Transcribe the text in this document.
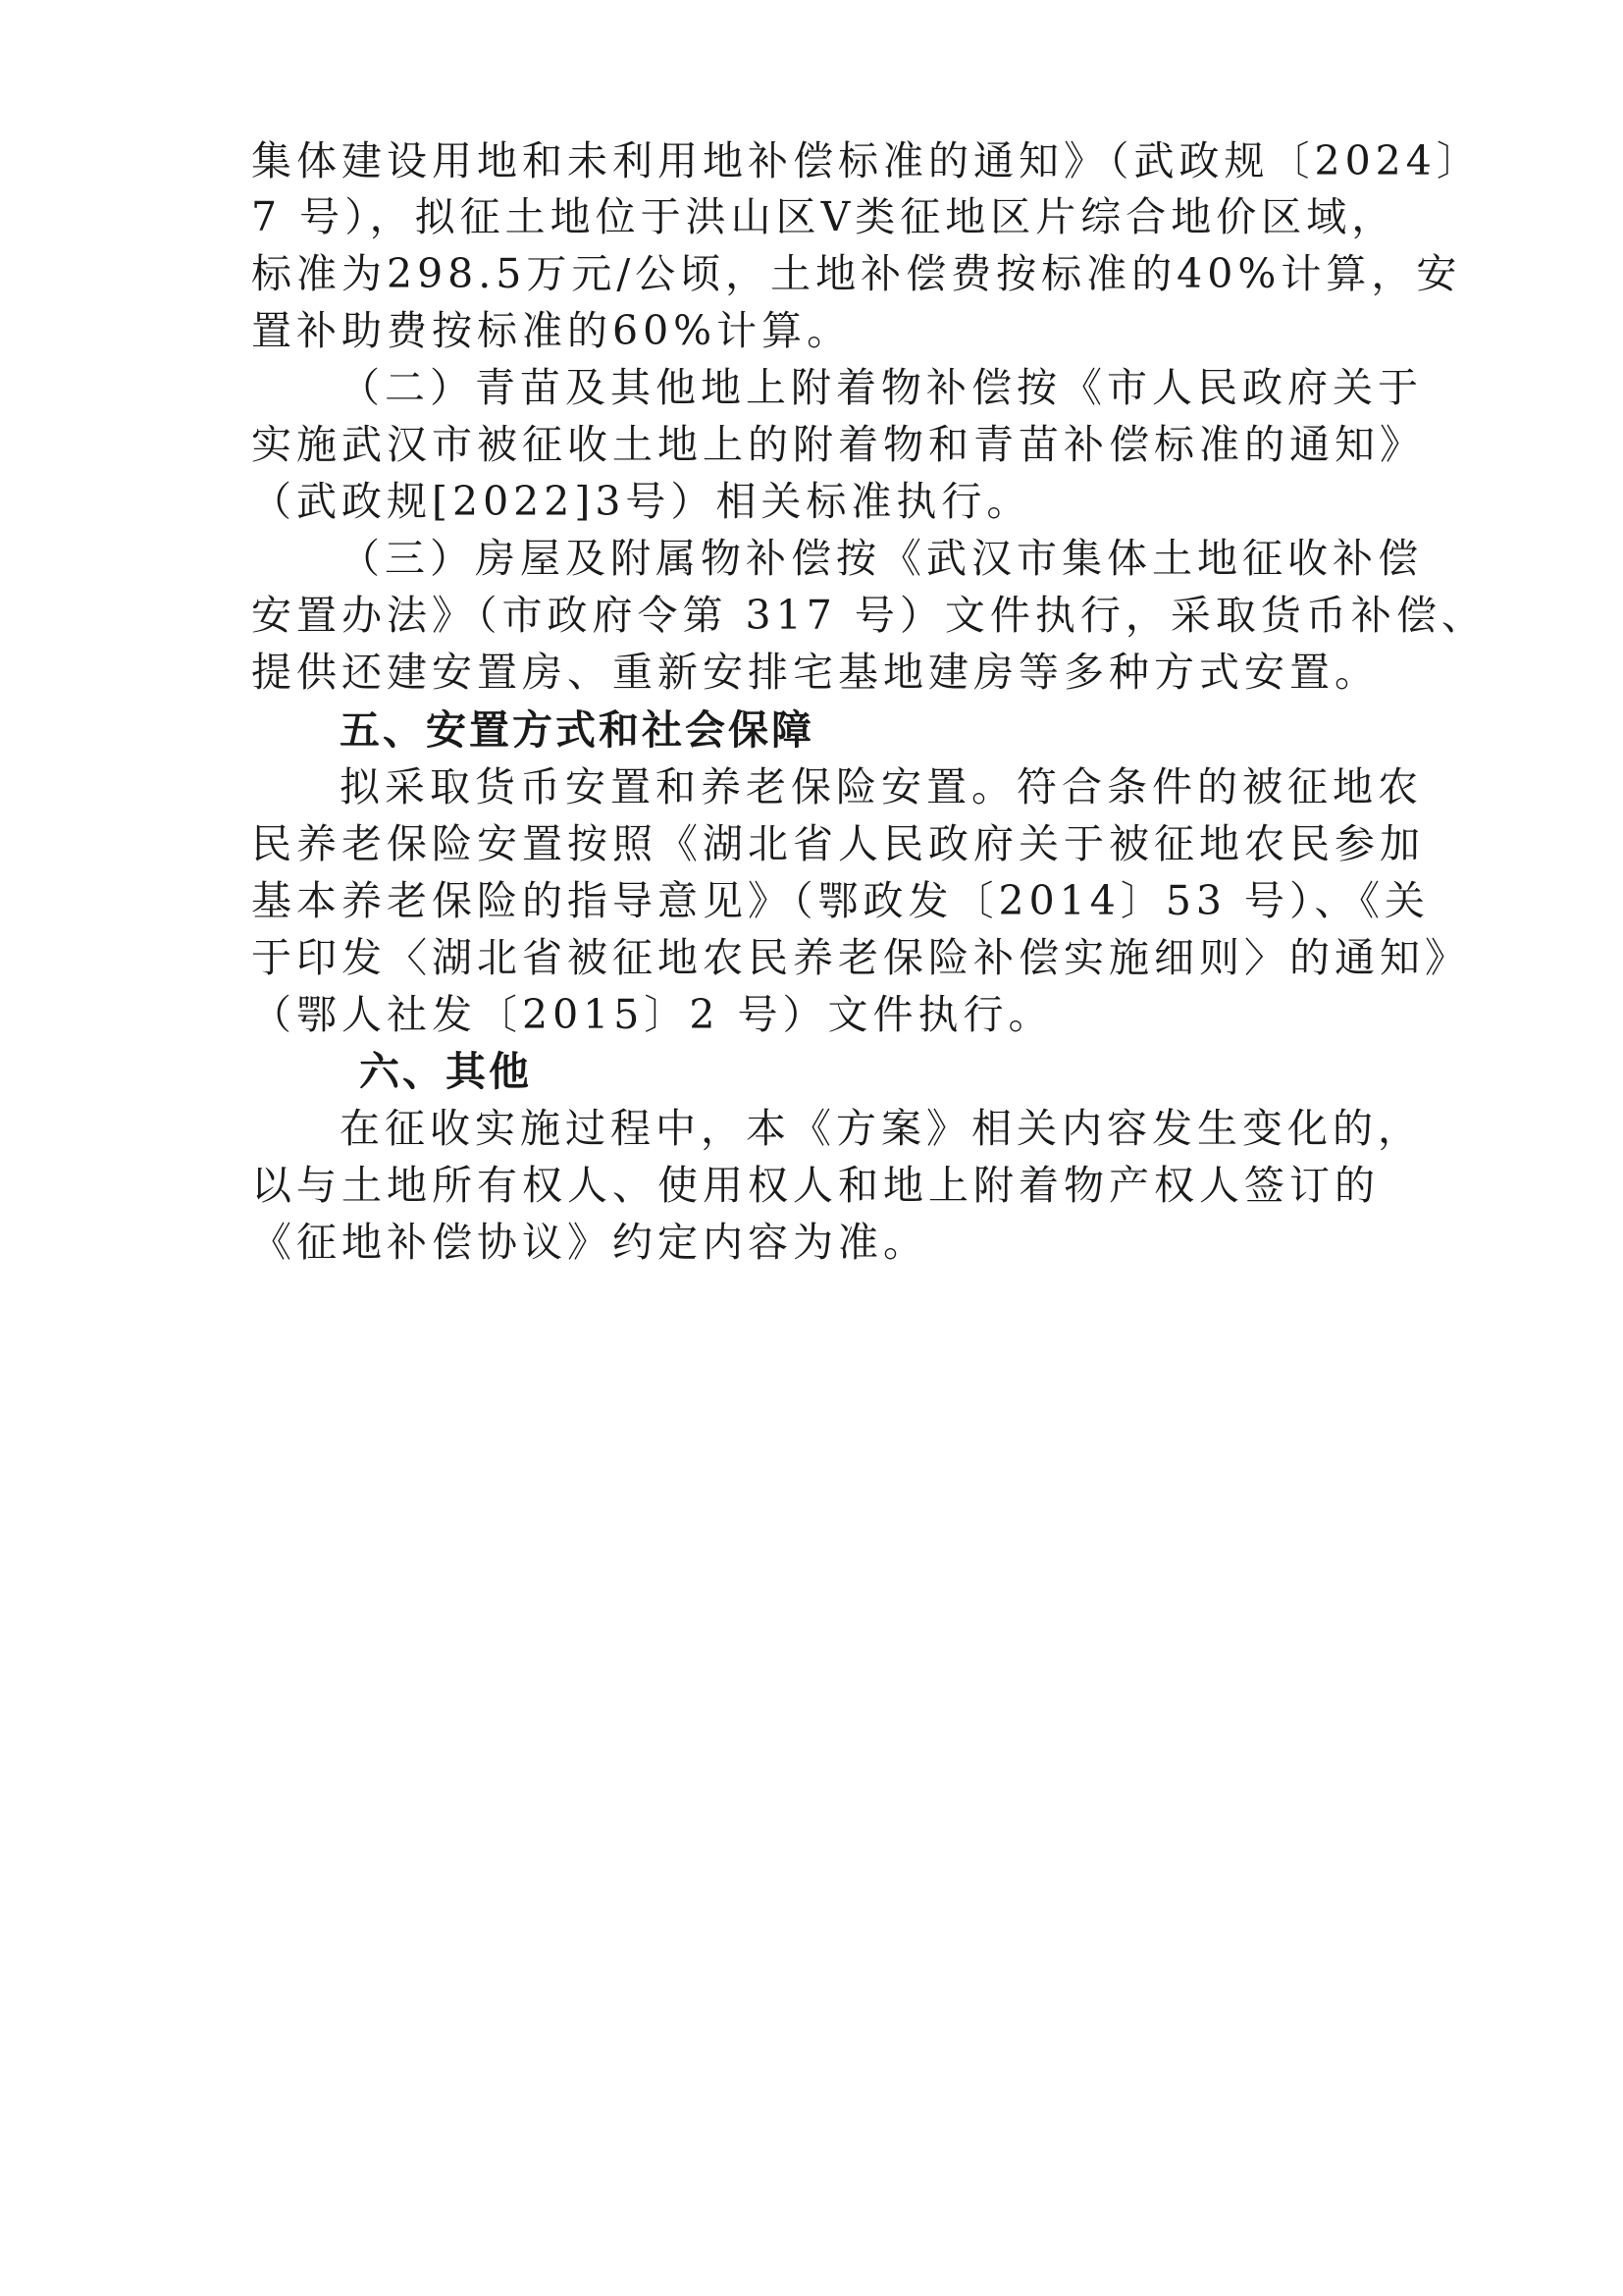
集体建设用地和未利用地补偿标准的通知》（武政规〔2024〕
7 号），拟征土地位于洪山区V类征地区片综合地价区域，
标准为298.5万元/公顷，土地补偿费按标准的40%计算，安
置补助费按标准的60%计算。
（二）青苗及其他地上附着物补偿按《市人民政府关于
实施武汉市被征收土地上的附着物和青苗补偿标准的通知》
（武政规[2022]3号）相关标准执行。
（三）房屋及附属物补偿按《武汉市集体土地征收补偿
安置办法》（市政府令第 317 号）文件执行，采取货币补偿、
提供还建安置房、重新安排宅基地建房等多种方式安置。
五、安置方式和社会保障
拟采取货币安置和养老保险安置。符合条件的被征地农
民养老保险安置按照《湖北省人民政府关于被征地农民参加
基本养老保险的指导意见》（鄂政发〔2014〕53 号）、《关
于印发〈湖北省被征地农民养老保险补偿实施细则〉的通知》
（鄂人社发〔2015〕2 号）文件执行。
六、其他
在征收实施过程中，本《方案》相关内容发生变化的，
以与土地所有权人、使用权人和地上附着物产权人签订的
《征地补偿协议》约定内容为准。
